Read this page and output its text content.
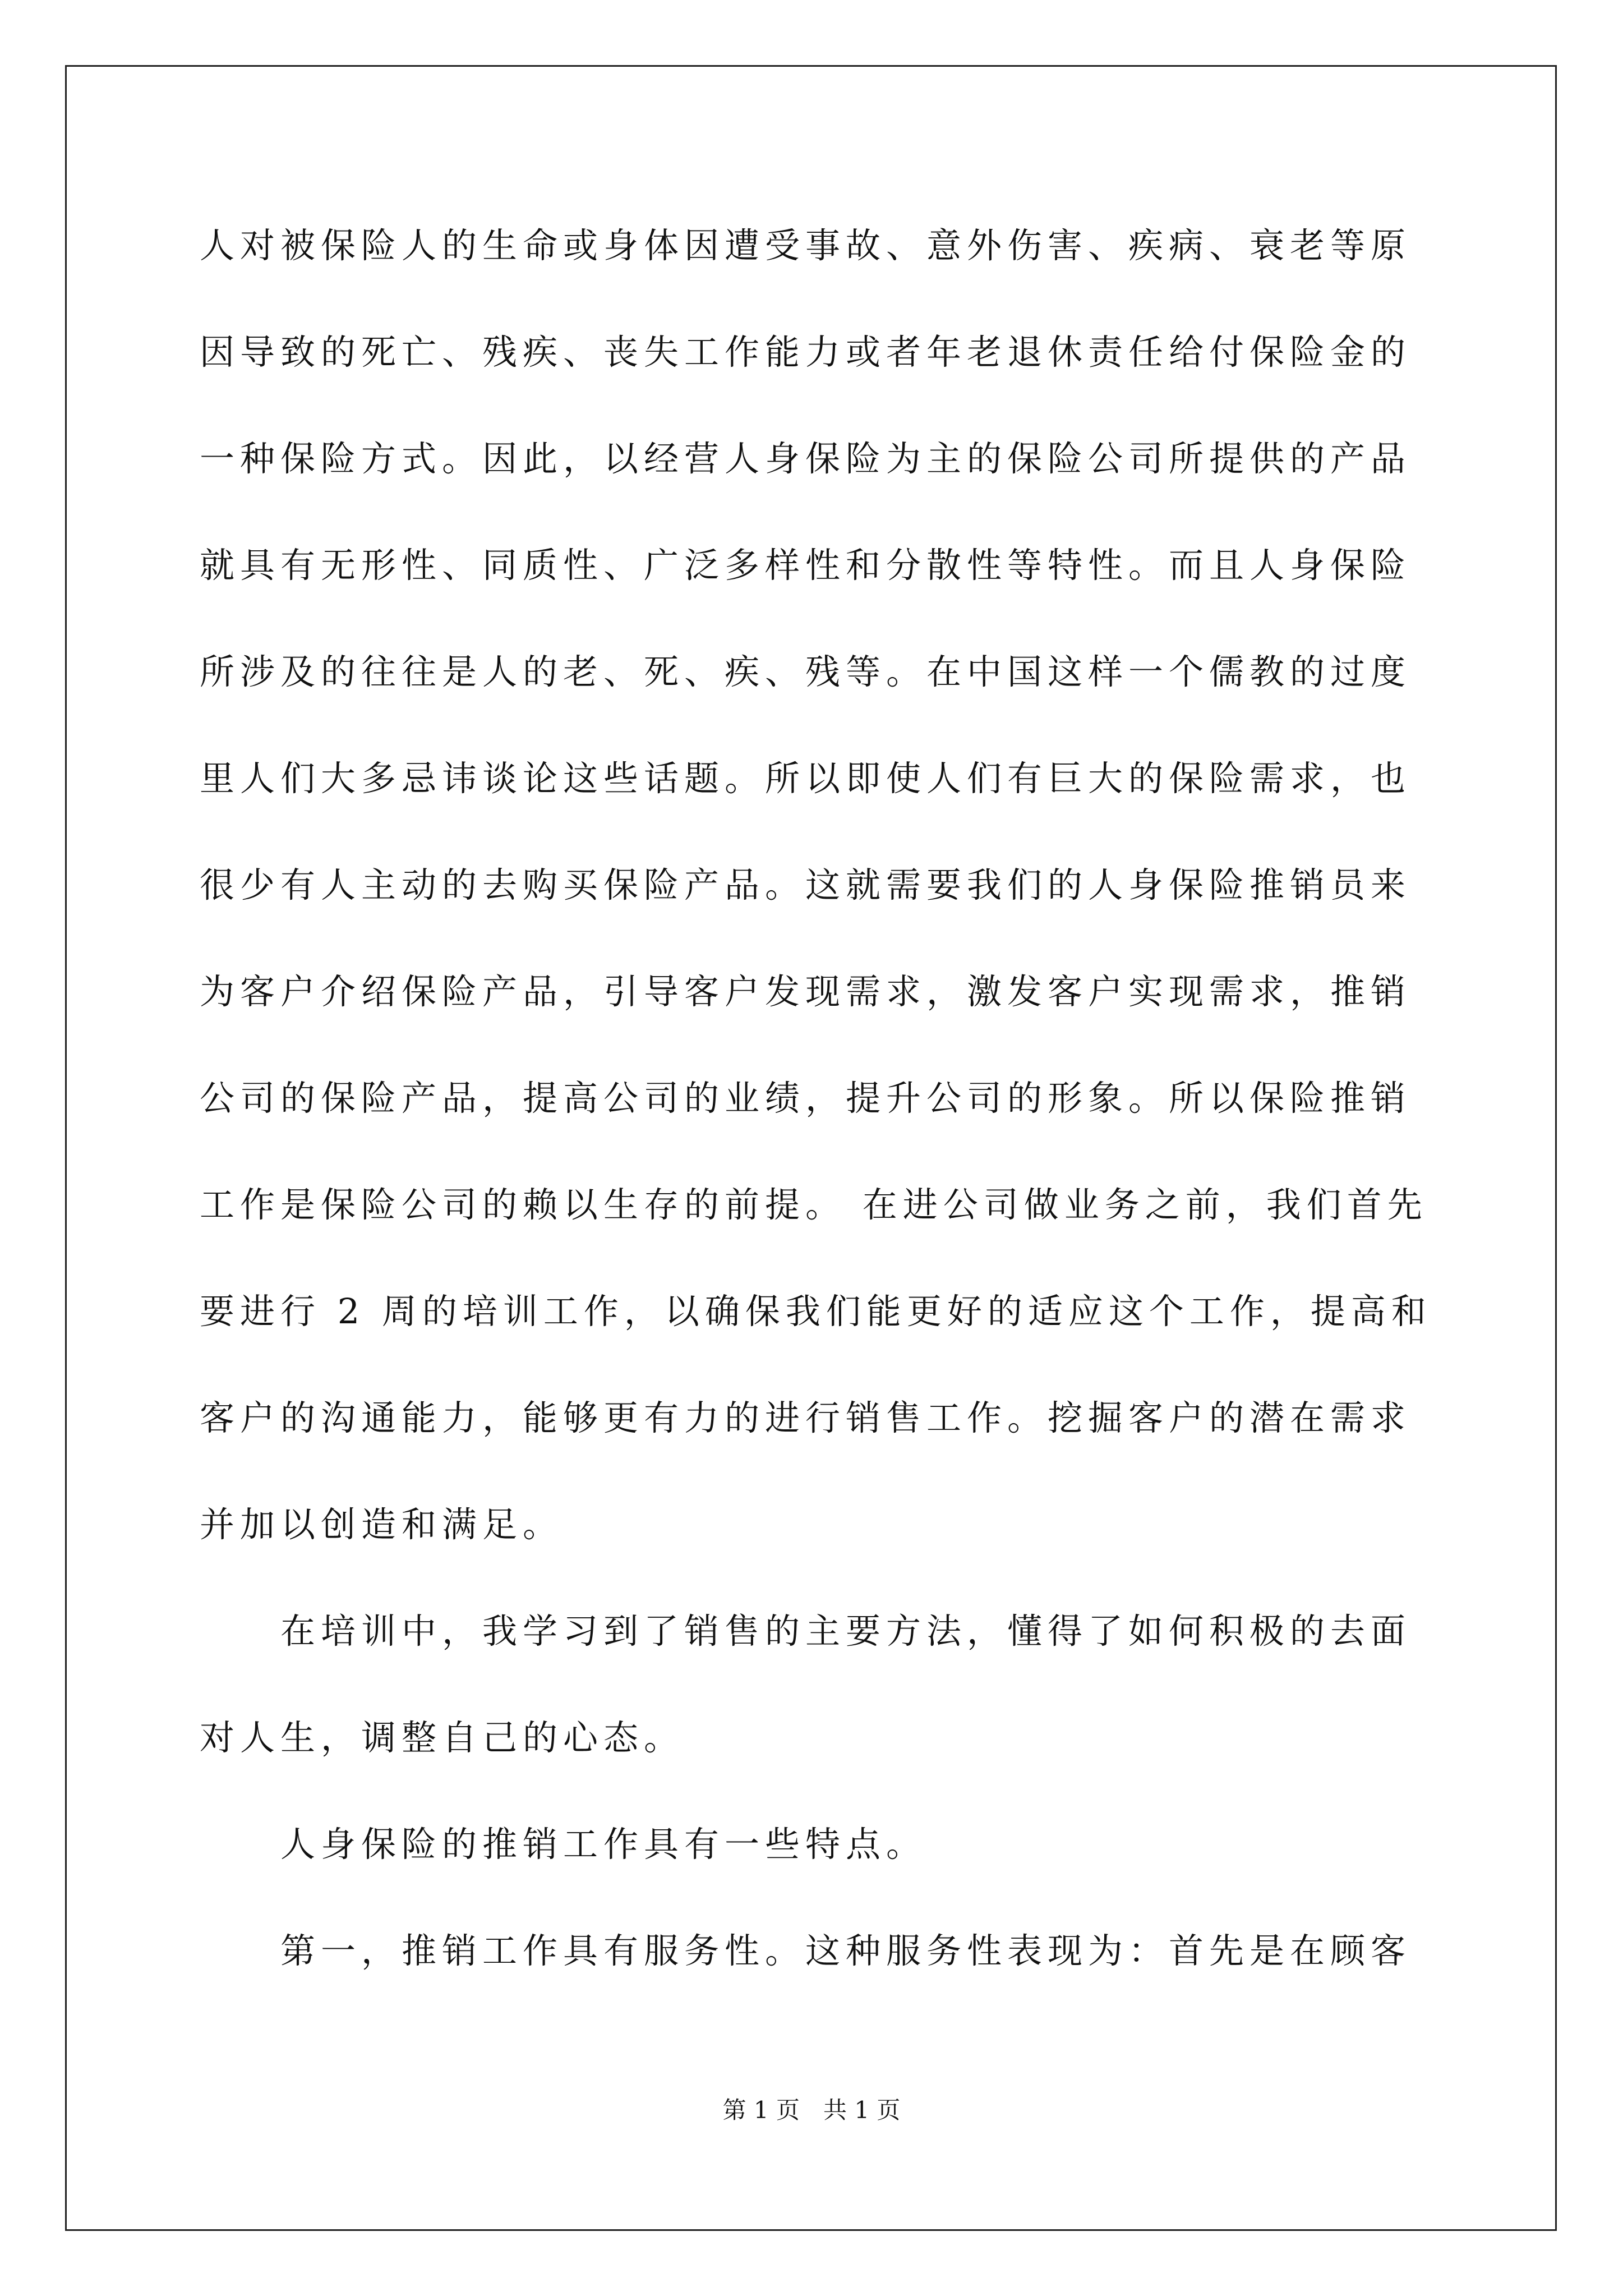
人对被保险人的生命或身体因遭受事故、意外伤害、疾病、衰老等原
因导致的死亡、残疾、丧失工作能力或者年老退休责任给付保险金的
一种保险方式。因此，以经营人身保险为主的保险公司所提供的产品
就具有无形性、同质性、广泛多样性和分散性等特性。而且人身保险
所涉及的往往是人的老、死、疾、残等。在中国这样一个儒教的过度
里人们大多忌讳谈论这些话题。所以即使人们有巨大的保险需求，也
很少有人主动的去购买保险产品。这就需要我们的人身保险推销员来
为客户介绍保险产品，引导客户发现需求，激发客户实现需求，推销
公司的保险产品，提高公司的业绩，提升公司的形象。所以保险推销
工作是保险公司的赖以生存的前提。 在进公司做业务之前，我们首先
要进行 2 周的培训工作，以确保我们能更好的适应这个工作，提高和
客户的沟通能力，能够更有力的进行销售工作。挖掘客户的潜在需求
并加以创造和满足。
　　在培训中，我学习到了销售的主要方法，懂得了如何积极的去面
对人生，调整自己的心态。
　　人身保险的推销工作具有一些特点。
　　第一，推销工作具有服务性。这种服务性表现为：首先是在顾客
第 1 页　共 1 页
